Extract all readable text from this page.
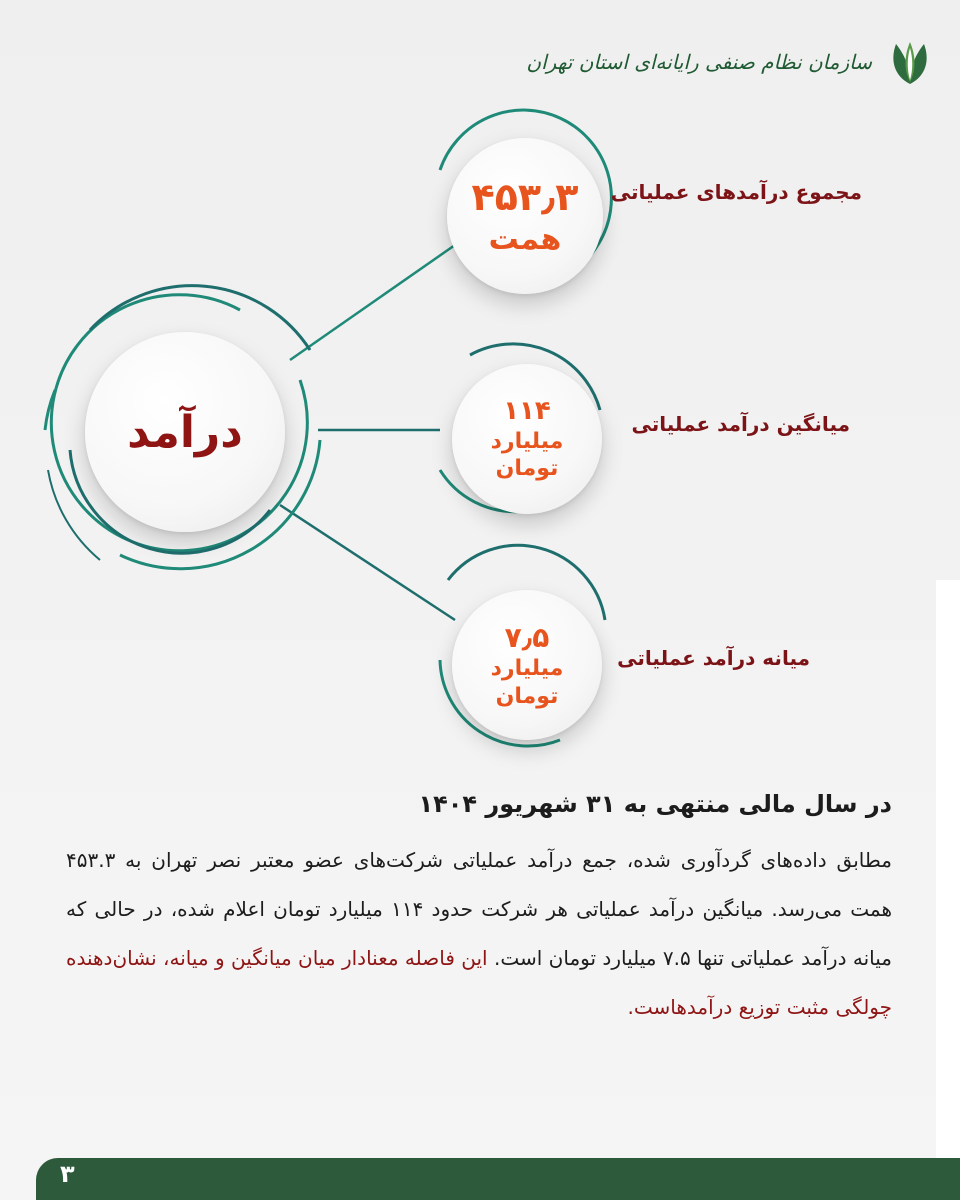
سازمان نظام صنفی رایانه‌ای استان تهران
درآمد
۴۵۳٫۳
همت
مجموع درآمدهای عملیاتی
۱۱۴
میلیارد
تومان
میانگین درآمد عملیاتی
۷٫۵
میلیارد
تومان
میانه درآمد عملیاتی
در سال مالی منتهی به ۳۱ شهریور ۱۴۰۴

مطابق داده‌های گردآوری شده، جمع درآمد عملیاتی شرکت‌های عضو معتبر نصر تهران به ۴۵۳.۳ همت می‌رسد. میانگین درآمد عملیاتی هر شرکت حدود ۱۱۴ میلیارد تومان اعلام شده، در حالی که میانه درآمد عملیاتی تنها ۷.۵ میلیارد تومان است. این فاصله معنادار میان میانگین و میانه، نشان‌دهنده چولگی مثبت توزیع درآمدهاست.

۳
